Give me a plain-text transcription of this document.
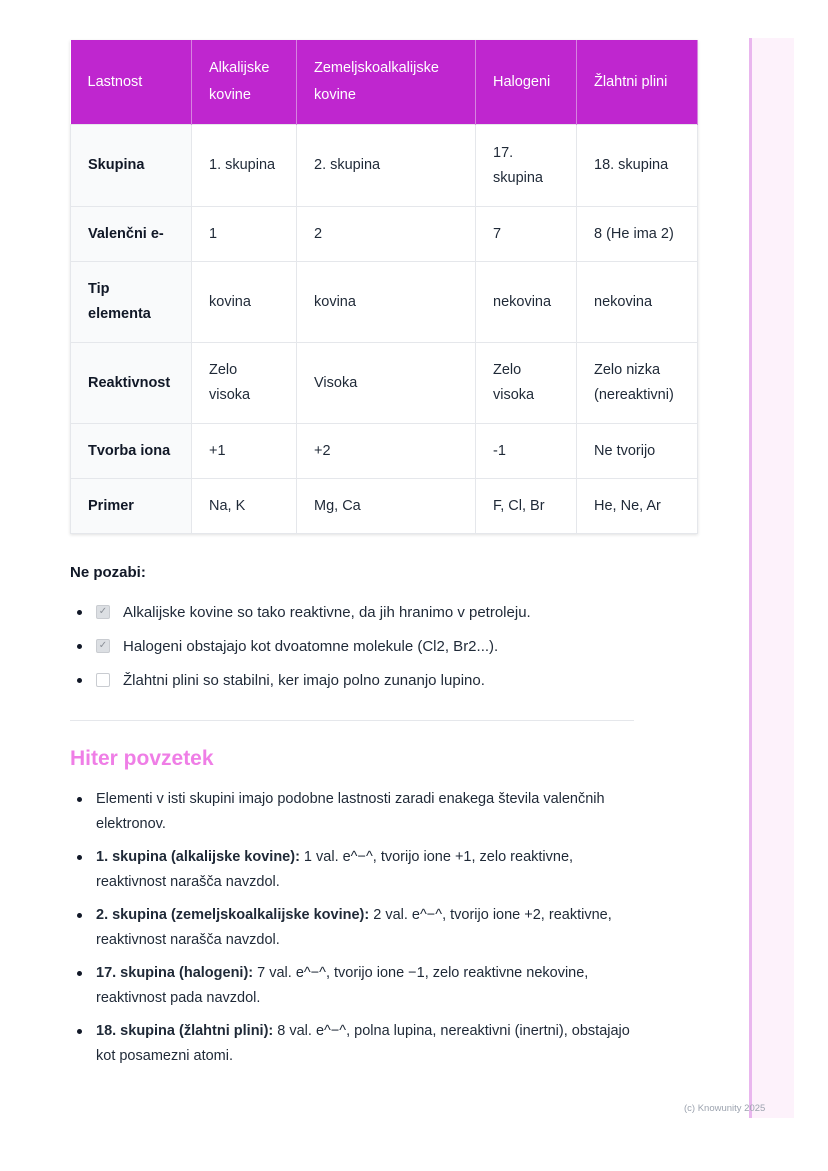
Lastnost	Alkalijske kovine	Zemeljskoalkalijske kovine	Halogeni	Žlahtni plini
Skupina	1. skupina	2. skupina	17. skupina	18. skupina
Valenčni e-	1	2	7	8 (He ima 2)
Tip elementa	kovina	kovina	nekovina	nekovina
Reaktivnost	Zelo visoka	Visoka	Zelo visoka	Zelo nizka (nereaktivni)
Tvorba iona	+1	+2	-1	Ne tvorijo
Primer	Na, K	Mg, Ca	F, Cl, Br	He, Ne, Ar

Ne pozabi:

✓ Alkalijske kovine so tako reaktivne, da jih hranimo v petroleju.
✓ Halogeni obstajajo kot dvoatomne molekule (Cl2, Br2...).
Žlahtni plini so stabilni, ker imajo polno zunanjo lupino.
Hiter povzetek
Elementi v isti skupini imajo podobne lastnosti zaradi enakega števila valenčnih elektronov.
1. skupina (alkalijske kovine): 1 val. e^−^, tvorijo ione +1, zelo reaktivne, reaktivnost narašča navzdol.
2. skupina (zemeljskoalkalijske kovine): 2 val. e^−^, tvorijo ione +2, reaktivne, reaktivnost narašča navzdol.
17. skupina (halogeni): 7 val. e^−^, tvorijo ione −1, zelo reaktivne nekovine, reaktivnost pada navzdol.
18. skupina (žlahtni plini): 8 val. e^−^, polna lupina, nereaktivni (inertni), obstajajo kot posamezni atomi.
(c) Knowunity 2025
